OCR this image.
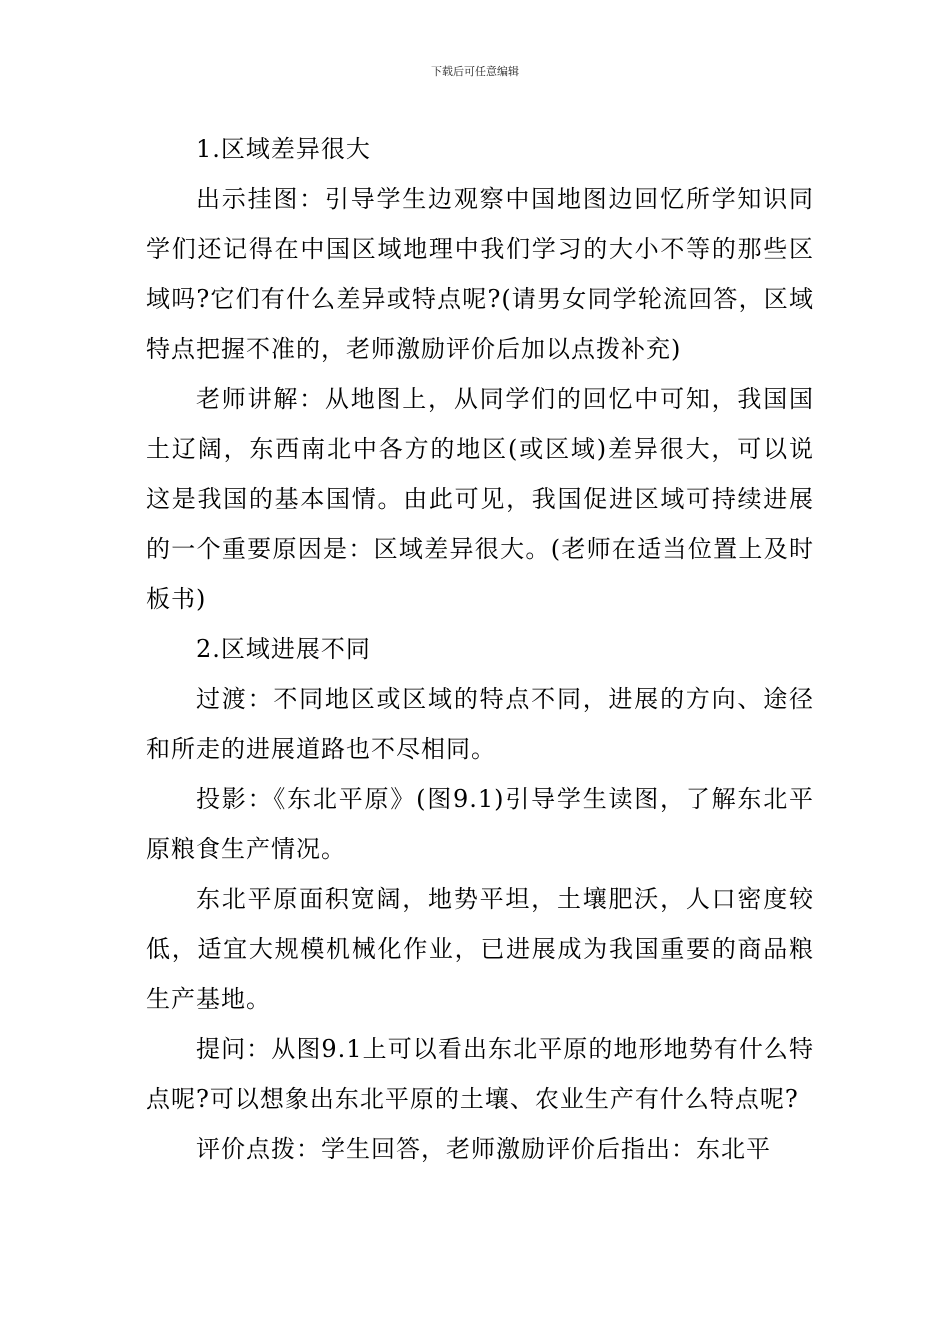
下载后可任意编辑

1.区域差异很大

出示挂图：引导学生边观察中国地图边回忆所学知识同学们还记得在中国区域地理中我们学习的大小不等的那些区域吗?它们有什么差异或特点呢?(请男女同学轮流回答，区域特点把握不准的，老师激励评价后加以点拨补充)

老师讲解：从地图上，从同学们的回忆中可知，我国国土辽阔，东西南北中各方的地区(或区域)差异很大，可以说这是我国的基本国情。由此可见，我国促进区域可持续进展的一个重要原因是：区域差异很大。(老师在适当位置上及时板书)

2.区域进展不同

过渡：不同地区或区域的特点不同，进展的方向、途径和所走的进展道路也不尽相同。

投影：《东北平原》(图9.1)引导学生读图，了解东北平原粮食生产情况。

东北平原面积宽阔，地势平坦，土壤肥沃，人口密度较低，适宜大规模机械化作业，已进展成为我国重要的商品粮生产基地。

提问：从图9.1上可以看出东北平原的地形地势有什么特点呢?可以想象出东北平原的土壤、农业生产有什么特点呢?

评价点拨：学生回答，老师激励评价后指出：东北平
